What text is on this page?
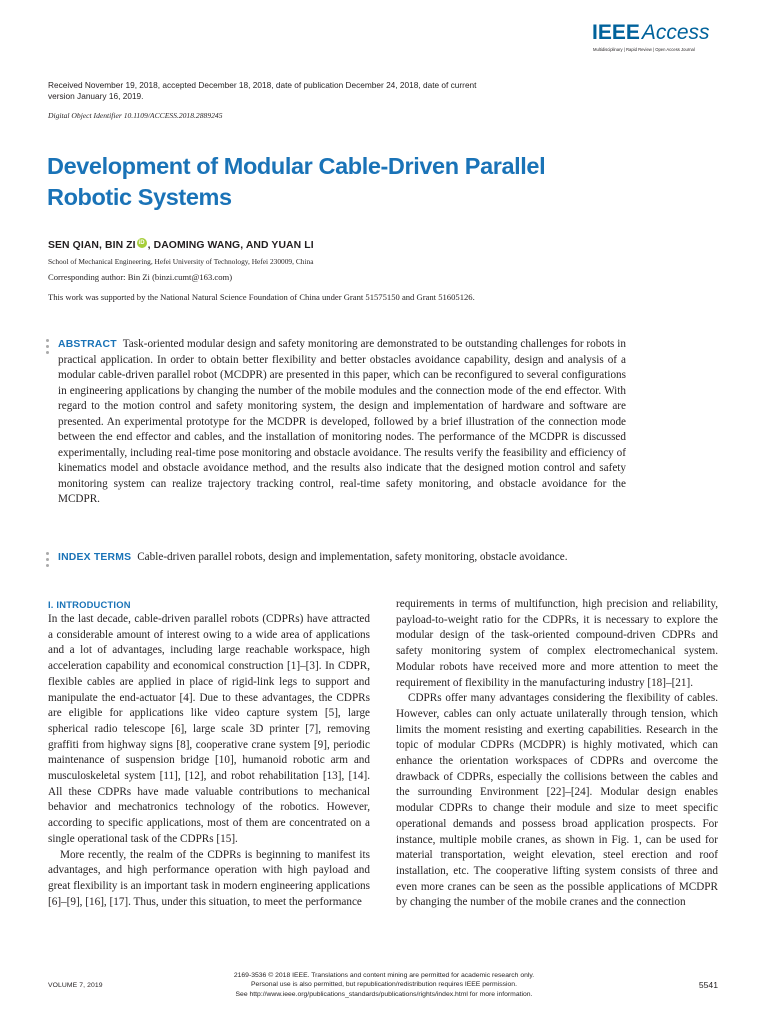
IEEEAccess
Multidisciplinary | Rapid Review | Open Access Journal
Received November 19, 2018, accepted December 18, 2018, date of publication December 24, 2018, date of current version January 16, 2019.
Digital Object Identifier 10.1109/ACCESS.2018.2889245
Development of Modular Cable-Driven Parallel Robotic Systems
SEN QIAN, BIN ZI iD , DAOMING WANG, AND YUAN LI
School of Mechanical Engineering, Hefei University of Technology, Hefei 230009, China
Corresponding author: Bin Zi (binzi.cumt@163.com)
This work was supported by the National Natural Science Foundation of China under Grant 51575150 and Grant 51605126.
ABSTRACT Task-oriented modular design and safety monitoring are demonstrated to be outstanding challenges for robots in practical application. In order to obtain better flexibility and better obstacles avoidance capability, design and analysis of a modular cable-driven parallel robot (MCDPR) are presented in this paper, which can be reconfigured to several configurations in engineering applications by changing the number of the mobile modules and the connection mode of the end effector. With regard to the motion control and safety monitoring system, the design and implementation of hardware and software are presented. An experimental prototype for the MCDPR is developed, followed by a brief illustration of the connection mode between the end effector and cables, and the installation of monitoring nodes. The performance of the MCDPR is discussed experimentally, including real-time pose monitoring and obstacle avoidance. The results verify the feasibility and efficiency of kinematics model and obstacle avoidance method, and the results also indicate that the designed motion control and safety monitoring system can realize trajectory tracking control, real-time safety monitoring, and obstacle avoidance for the MCDPR.
INDEX TERMS Cable-driven parallel robots, design and implementation, safety monitoring, obstacle avoidance.
I. INTRODUCTION

In the last decade, cable-driven parallel robots (CDPRs) have attracted a considerable amount of interest owing to a wide area of applications and a lot of advantages, including large reachable workspace, high acceleration capability and economical construction [1]–[3]. In CDPR, flexible cables are applied in place of rigid-link legs to support and manipulate the end-actuator [4]. Due to these advantages, the CDPRs are eligible for applications like video capture system [5], large spherical radio telescope [6], large scale 3D printer [7], removing graffiti from highway signs [8], cooperative crane system [9], periodic maintenance of suspension bridge [10], humanoid robotic arm and musculoskeletal system [11], [12], and robot rehabilitation [13], [14]. All these CDPRs have made valuable contributions to mechanical behavior and mechatronics technology of the robotics. However, according to specific applications, most of them are concentrated on a single operational task of the CDPRs [15].

More recently, the realm of the CDPRs is beginning to manifest its advantages, and high performance operation with high payload and great flexibility is an important task in modern engineering applications [6]–[9], [16], [17]. Thus, under this situation, to meet the performance

requirements in terms of multifunction, high precision and reliability, payload-to-weight ratio for the CDPRs, it is necessary to explore the modular design of the task-oriented compound-driven CDPRs and safety monitoring system of complex electromechanical system. Modular robots have received more and more attention to meet the requirement of flexibility in the manufacturing industry [18]–[21].

CDPRs offer many advantages considering the flexibility of cables. However, cables can only actuate unilaterally through tension, which limits the moment resisting and exerting capabilities. Research in the topic of modular CDPRs (MCDPR) is highly motivated, which can enhance the orientation workspaces of CDPRs and overcome the drawback of CDPRs, especially the collisions between the cables and the surrounding Environment [22]–[24]. Modular design enables modular CDPRs to change their module and size to meet specific operational demands and possess broad application prospects. For instance, multiple mobile cranes, as shown in Fig. 1, can be used for material transportation, weight elevation, steel erection and roof installation, etc. The cooperative lifting system consists of three and even more cranes can be seen as the possible applications of MCDPR by changing the number of the mobile cranes and the connection

VOLUME 7, 2019
2169-3536 © 2018 IEEE. Translations and content mining are permitted for academic research only.
Personal use is also permitted, but republication/redistribution requires IEEE permission.
See http://www.ieee.org/publications_standards/publications/rights/index.html for more information.
5541
